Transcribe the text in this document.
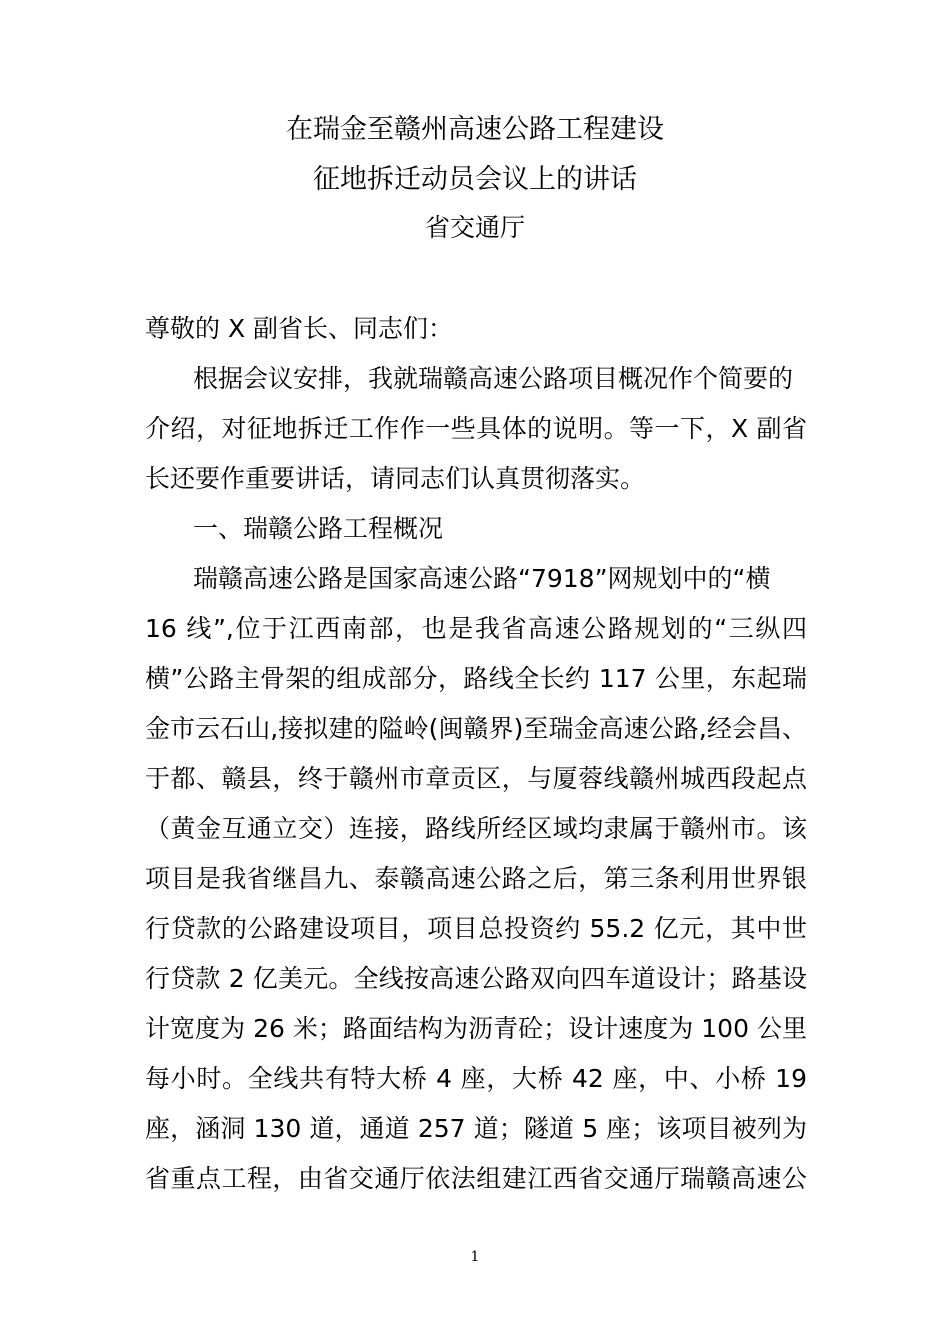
在瑞金至赣州高速公路工程建设
征地拆迁动员会议上的讲话
省交通厅
尊敬的 X 副省长、同志们：
根据会议安排，我就瑞赣高速公路项目概况作个简要的
介绍，对征地拆迁工作作一些具体的说明。等一下，X 副省
长还要作重要讲话，请同志们认真贯彻落实。
一、瑞赣公路工程概况
瑞赣高速公路是国家高速公路“7918”网规划中的“横
16 线”,位于江西南部，也是我省高速公路规划的“三纵四
横”公路主骨架的组成部分，路线全长约 117 公里，东起瑞
金市云石山,接拟建的隘岭(闽赣界)至瑞金高速公路,经会昌、
于都、赣县，终于赣州市章贡区，与厦蓉线赣州城西段起点
（黄金互通立交）连接，路线所经区域均隶属于赣州市。该
项目是我省继昌九、泰赣高速公路之后，第三条利用世界银
行贷款的公路建设项目，项目总投资约 55.2 亿元，其中世
行贷款 2 亿美元。全线按高速公路双向四车道设计；路基设
计宽度为 26 米；路面结构为沥青砼；设计速度为 100 公里
每小时。全线共有特大桥 4 座，大桥 42 座，中、小桥 19
座，涵洞 130 道，通道 257 道；隧道 5 座；该项目被列为
省重点工程，由省交通厅依法组建江西省交通厅瑞赣高速公
1
